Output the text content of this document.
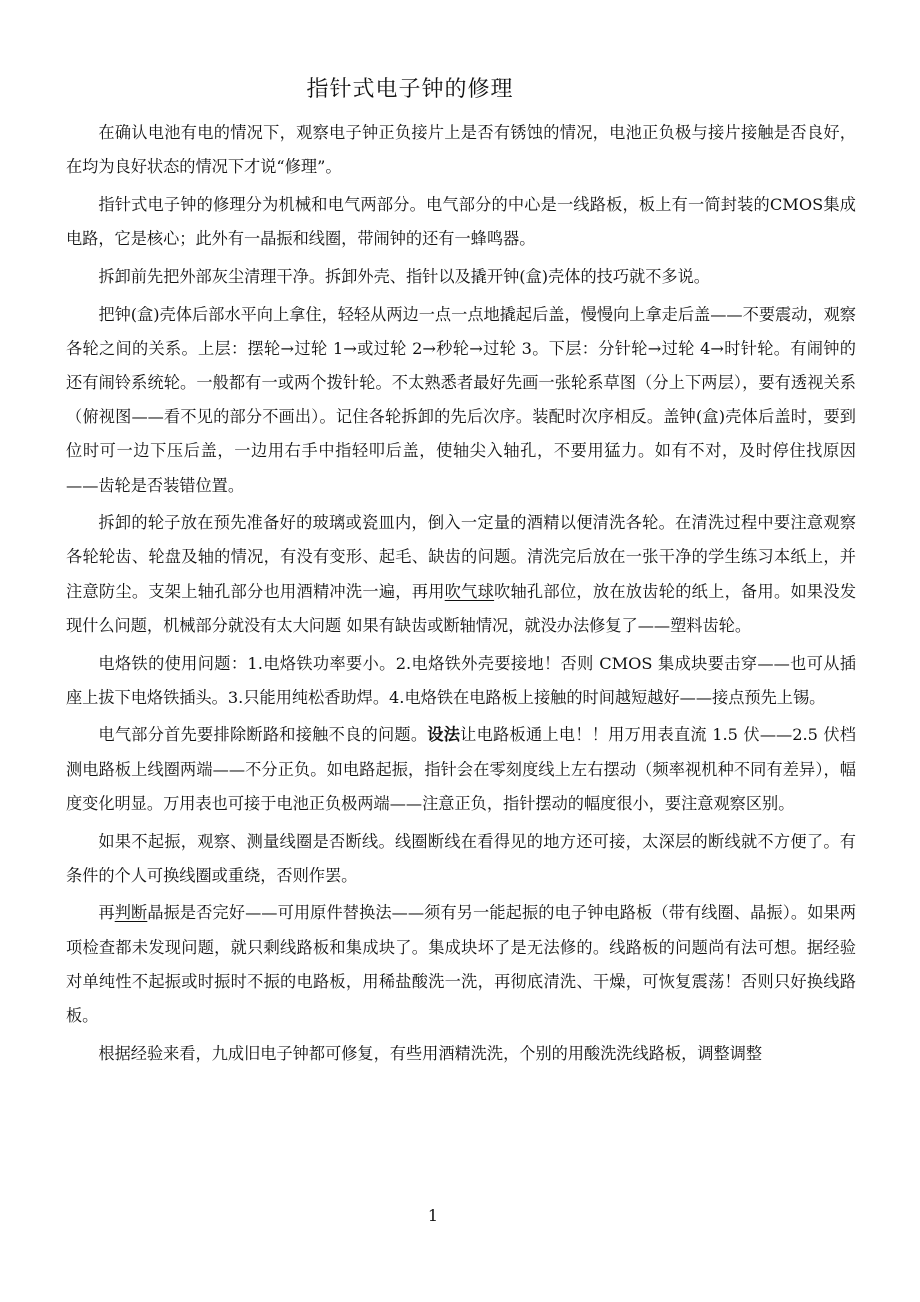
指针式电子钟的修理

在确认电池有电的情况下，观察电子钟正负接片上是否有锈蚀的情况，电池正负极与接片接触是否良好，在均为良好状态的情况下才说“修理”。

指针式电子钟的修理分为机械和电气两部分。电气部分的中心是一线路板，板上有一简封装的CMOS集成电路，它是核心；此外有一晶振和线圈，带闹钟的还有一蜂鸣器。

拆卸前先把外部灰尘清理干净。拆卸外壳、指针以及撬开钟(盒)壳体的技巧就不多说。

把钟(盒)壳体后部水平向上拿住，轻轻从两边一点一点地撬起后盖，慢慢向上拿走后盖——不要震动，观察各轮之间的关系。上层：摆轮→过轮 1→或过轮 2→秒轮→过轮 3。下层：分针轮→过轮 4→时针轮。有闹钟的还有闹铃系统轮。一般都有一或两个拨针轮。不太熟悉者最好先画一张轮系草图（分上下两层），要有透视关系（俯视图——看不见的部分不画出）。记住各轮拆卸的先后次序。装配时次序相反。盖钟(盒)壳体后盖时，要到位时可一边下压后盖，一边用右手中指轻叩后盖，使轴尖入轴孔，不要用猛力。如有不对，及时停住找原因——齿轮是否装错位置。

拆卸的轮子放在预先准备好的玻璃或瓷皿内，倒入一定量的酒精以便清洗各轮。在清洗过程中要注意观察各轮轮齿、轮盘及轴的情况，有没有变形、起毛、缺齿的问题。清洗完后放在一张干净的学生练习本纸上，并注意防尘。支架上轴孔部分也用酒精冲洗一遍，再用吹气球吹轴孔部位，放在放齿轮的纸上，备用。如果没发现什么问题，机械部分就没有太大问题 如果有缺齿或断轴情况，就没办法修复了——塑料齿轮。

电烙铁的使用问题：1.电烙铁功率要小。2.电烙铁外壳要接地！否则 CMOS 集成块要击穿——也可从插座上拔下电烙铁插头。3.只能用纯松香助焊。4.电烙铁在电路板上接触的时间越短越好——接点预先上锡。

电气部分首先要排除断路和接触不良的问题。设法让电路板通上电！！用万用表直流 1.5 伏——2.5 伏档测电路板上线圈两端——不分正负。如电路起振，指针会在零刻度线上左右摆动（频率视机种不同有差异），幅度变化明显。万用表也可接于电池正负极两端——注意正负，指针摆动的幅度很小，要注意观察区别。

如果不起振，观察、测量线圈是否断线。线圈断线在看得见的地方还可接，太深层的断线就不方便了。有条件的个人可换线圈或重绕，否则作罢。

再判断晶振是否完好——可用原件替换法——须有另一能起振的电子钟电路板（带有线圈、晶振）。如果两项检查都未发现问题，就只剩线路板和集成块了。集成块坏了是无法修的。线路板的问题尚有法可想。据经验 对单纯性不起振或时振时不振的电路板，用稀盐酸洗一洗，再彻底清洗、干燥，可恢复震荡！否则只好换线路板。

根据经验来看，九成旧电子钟都可修复，有些用酒精洗洗，个别的用酸洗洗线路板，调整调整

1
